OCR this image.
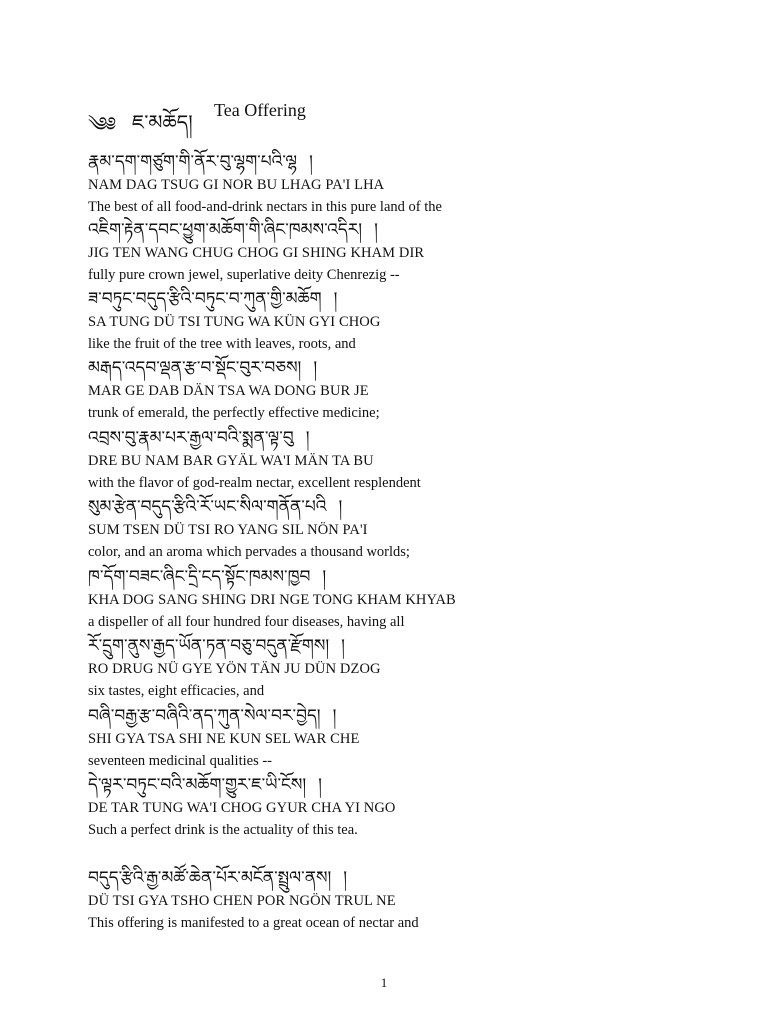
༄༅ ཇ་མཆོད། Tea Offering
རྣམ་དག་གཙུག་གི་ནོར་བུ་ལྷག་པའི་ལྷ །
NAM DAG TSUG GI NOR BU LHAG PA'I LHA
The best of all food-and-drink nectars in this pure land of the
འཇིག་རྟེན་དབང་ཕྱུག་མཆོག་གི་ཞིང་ཁམས་འདིར། །
JIG TEN WANG CHUG CHOG GI SHING KHAM DIR
fully pure crown jewel, superlative deity Chenrezig --
ཟ་བཏུང་བདུད་རྩིའི་བཏུང་བ་ཀུན་གྱི་མཆོག །
SA TUNG DÜ TSI TUNG WA KÜN GYI CHOG
like the fruit of the tree with leaves, roots, and
མརྒད་འདབ་ལྡན་རྩ་བ་སྡོང་བུར་བཅས། །
MAR GE DAB DÄN TSA WA DONG BUR JE
trunk of emerald, the perfectly effective medicine;
འབྲས་བུ་རྣམ་པར་རྒྱལ་བའི་སྨན་ལྟ་བུ །
DRE BU NAM BAR GYÄL WA'I MÄN TA BU
with the flavor of god-realm nectar, excellent resplendent
སུམ་རྩེན་བདུད་རྩིའི་རོ་ཡང་སིལ་གནོན་པའི །
SUM TSEN DÜ TSI RO YANG SIL NÖN PA'I
color, and an aroma which pervades a thousand worlds;
ཁ་དོག་བཟང་ཞིང་དྲི་ངད་སྟོང་ཁམས་ཁྱབ །
KHA DOG SANG SHING DRI NGE TONG KHAM KHYAB
a dispeller of all four hundred four diseases, having all
རོ་དྲུག་ནུས་རྒྱད་ཡོན་ཏན་བཅུ་བདུན་རྫོགས། །
RO DRUG NÜ GYE YÖN TÄN JU DÜN DZOG
six tastes, eight efficacies, and
བཞི་བརྒྱ་རྩ་བཞིའི་ནད་ཀུན་སེལ་བར་བྱེད། །
SHI GYA TSA SHI NE KUN SEL WAR CHE
seventeen medicinal qualities --
དེ་ལྟར་བཏུང་བའི་མཆོག་གྱུར་ཇ་ཡི་ངོས། །
DE TAR TUNG WA'I CHOG GYUR CHA YI NGO
Such a perfect drink is the actuality of this tea.
བདུད་རྩིའི་རྒྱ་མཚོ་ཆེན་པོར་མངོན་སྤྲུལ་ནས། །
DÜ TSI GYA TSHO CHEN POR NGÖN TRUL NE
This offering is manifested to a great ocean of nectar and
1
